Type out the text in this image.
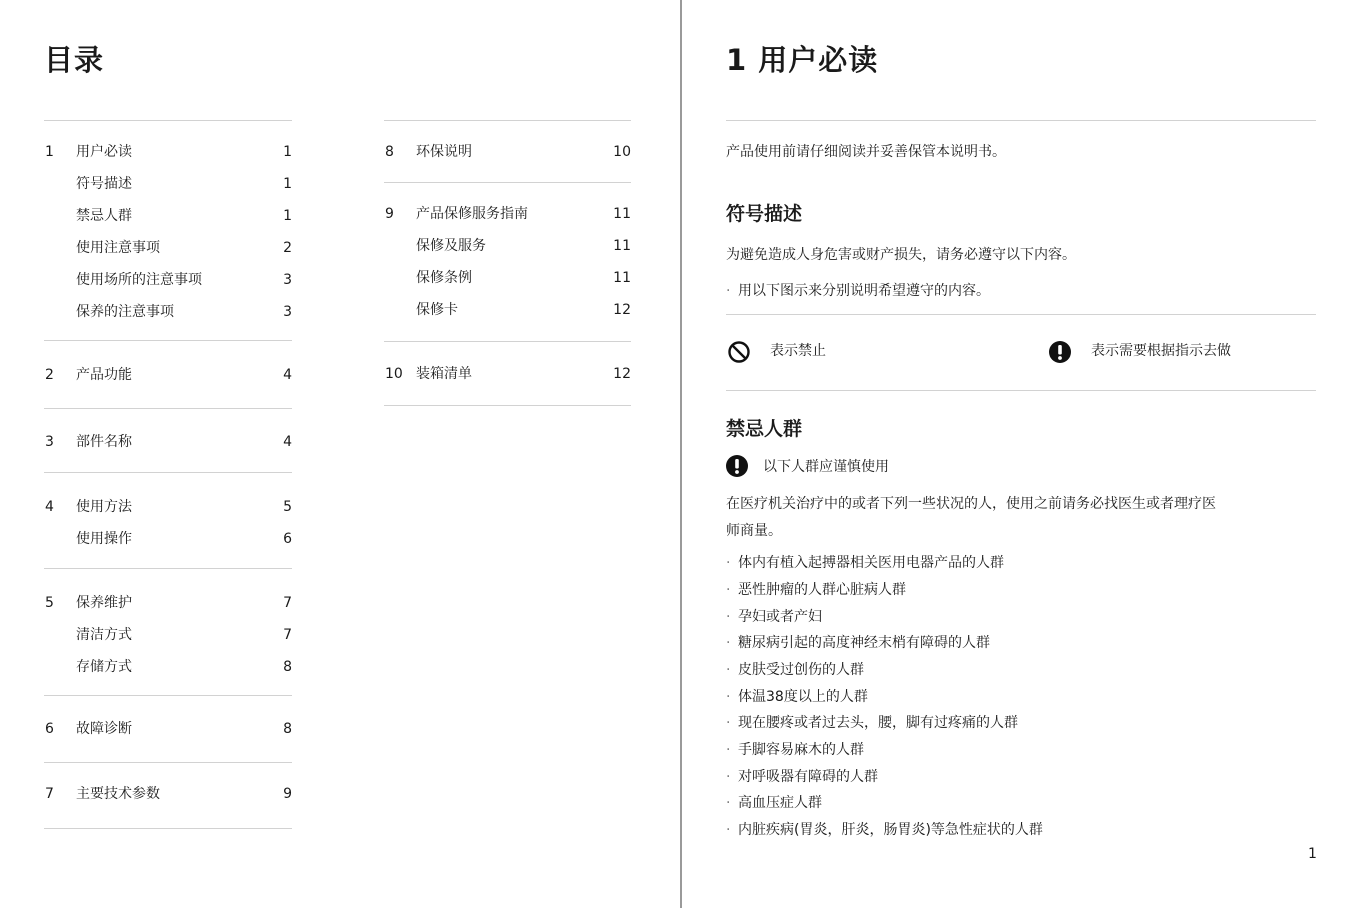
目录
1 用户必读	1
符号描述	1
禁忌人群	1
使用注意事项	2
使用场所的注意事项	3
保养的注意事项	3
2 产品功能	4
3 部件名称	4
4 使用方法	5
使用操作	6
5 保养维护	7
清洁方式	7
存储方式	8
6 故障诊断	8
7 主要技术参数	9
8 环保说明	10
9 产品保修服务指南	11
保修及服务	11
保修条例	11
保修卡	12
10 装箱清单	12
1 用户必读
产品使用前请仔细阅读并妥善保管本说明书。
符号描述
为避免造成人身危害或财产损失，请务必遵守以下内容。
· 用以下图示来分别说明希望遵守的内容。
表示禁止	表示需要根据指示去做
禁忌人群
以下人群应谨慎使用
在医疗机关治疗中的或者下列一些状况的人，使用之前请务必找医生或者理疗医
师商量。
· 体内有植入起搏器相关医用电器产品的人群
· 恶性肿瘤的人群心脏病人群
· 孕妇或者产妇
· 糖尿病引起的高度神经末梢有障碍的人群
· 皮肤受过创伤的人群
· 体温38度以上的人群
· 现在腰疼或者过去头，腰，脚有过疼痛的人群
· 手脚容易麻木的人群
· 对呼吸器有障碍的人群
· 高血压症人群
· 内脏疾病(胃炎，肝炎，肠胃炎)等急性症状的人群
1
